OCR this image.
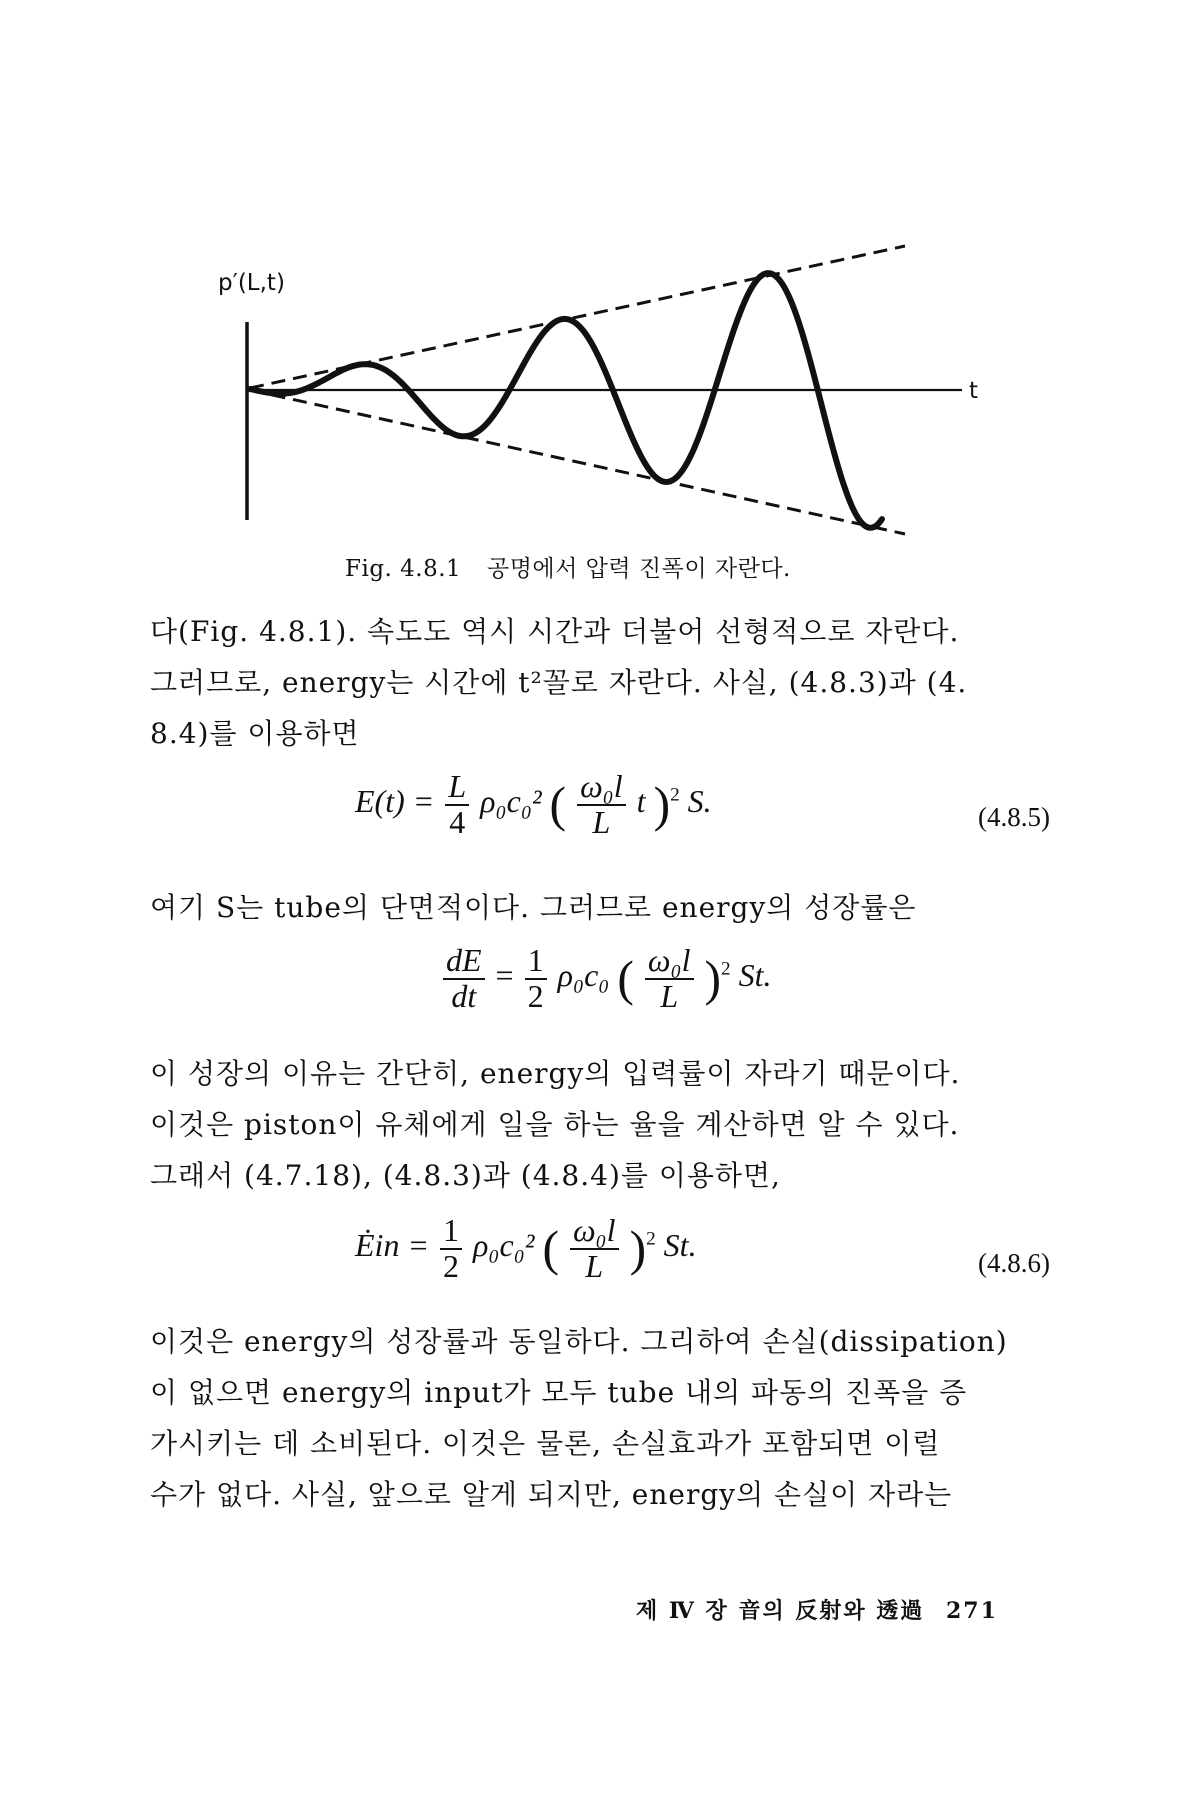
p′(L,t)
t
Fig. 4.8.1 공명에서 압력 진폭이 자란다.
다(Fig. 4.8.1). 속도도 역시 시간과 더불어 선형적으로 자란다.
그러므로, energy는 시간에 t²꼴로 자란다. 사실, (4.8.3)과 (4.
8.4)를 이용하면
$E(t) = \frac{L}{4} \rho_0c_0^2$ ( $\frac{\text{ω₀l}}{L}$ t )$^2$ S.	(4.8.5)
여기 S는 tube의 단면적이다. 그러므로 energy의 성장률은
$\frac{dE}{dt} = \frac{1}{2} \rho_0c_0$ ( $\frac{\text{ω₀l}}{L} )^2$ St.
이 성장의 이유는 간단히, energy의 입력률이 자라기 때문이다.
이것은 piston이 유체에게 일을 하는 율을 계산하면 알 수 있다.
그래서 (4.7.18), (4.8.3)과 (4.8.4)를 이용하면,
Ėin = $\frac{1}{2} \rho_0c_0^2$ ( $\frac{\text{ω₀l}}{L} )^2$ St.
(4.8.6)
이것은 energy의 성장률과 동일하다. 그리하여 손실(dissipation)
이 없으면 energy의 input가 모두 tube 내의 파동의 진폭을 증
가시키는 데 소비된다. 이것은 물론, 손실효과가 포함되면 이럴
수가 없다. 사실, 앞으로 알게 되지만, energy의 손실이 자라는
제 Ⅳ 장 音의 反射와 透過 271
